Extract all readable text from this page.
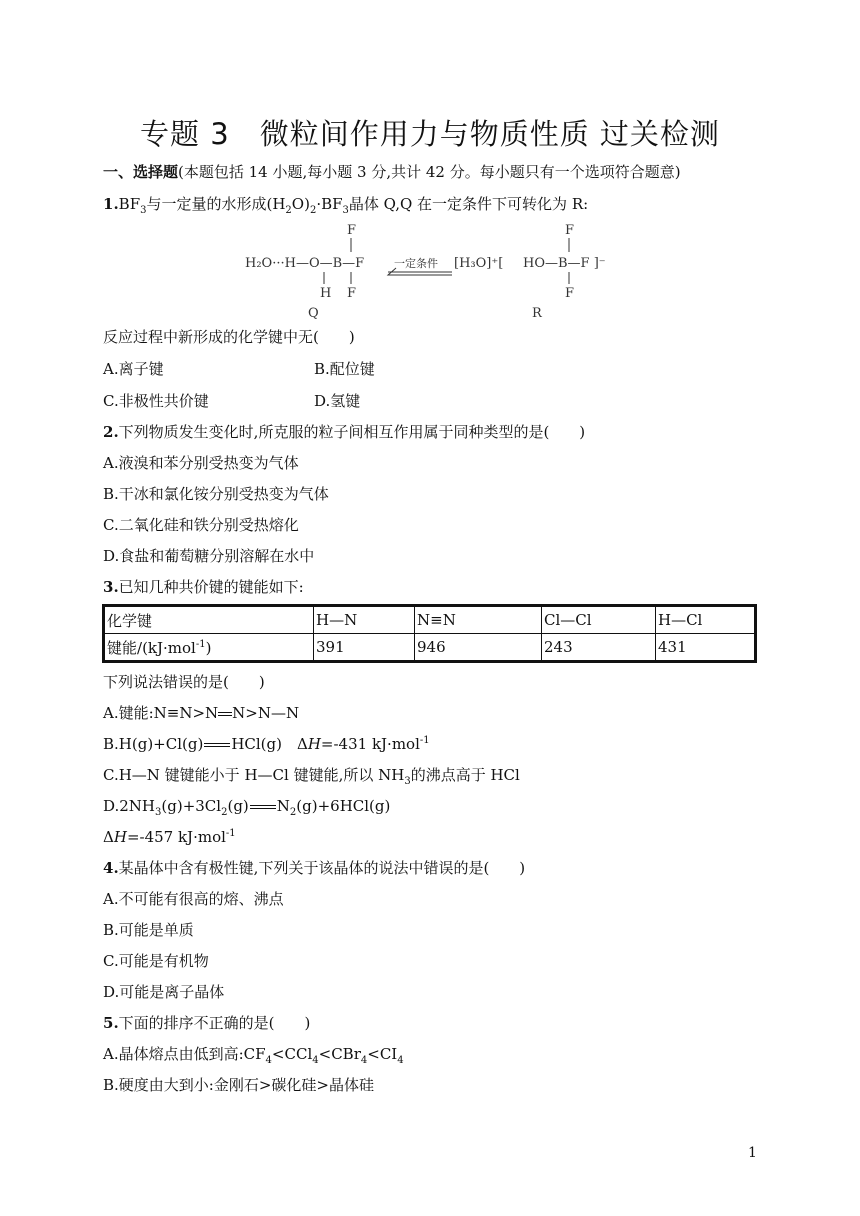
专题 3　微粒间作用力与物质性质 过关检测
一、选择题(本题包括 14 小题,每小题 3 分,共计 42 分。每小题只有一个选项符合题意)
$1.BF_3$与一定量的水形成$(H_2O)_2\cdot BF_3$晶体 Q,Q 在一定条件下可转化为 R:
F
H₂O···H—O—B—F
H F
Q
一定条件 [H₃O]⁺[
F
HO—B—F ]⁻
F
R
反应过程中新形成的化学键中无(　　)
A.离子键	B.配位键
C.非极性共价键	D.氢键
2.下列物质发生变化时,所克服的粒子间相互作用属于同种类型的是(　　)
A.液溴和苯分别受热变为气体
B.干冰和氯化铵分别受热变为气体
C.二氧化硅和铁分别受热熔化
D.食盐和葡萄糖分别溶解在水中
3.已知几种共价键的键能如下:
化学键	H—N	N≡N	Cl—Cl	H—Cl
键能/(kJ·mol$^{-1}$)	391	946	243	431
下列说法错误的是(　　)
A.键能:N≡N>N N>N—N
B.H(g)+Cl(g) HCl(g)　ΔH=-431 kJ·mol$^{-1}$
C.H—N 键键能小于 H—Cl 键键能,所以 $NH_3$的沸点高于 HCl
$D.2NH_3(g)+3Cl_2(g)$ $N_2(g)+6HCl(g)$
ΔH=-457 kJ·mol$^{-1}$
4.某晶体中含有极性键,下列关于该晶体的说法中错误的是(　　)
A.不可能有很高的熔、沸点
B.可能是单质
C.可能是有机物
D.可能是离子晶体
5.下面的排序不正确的是(　　)
A.晶体熔点由低到高$:CF_4<CCl_4<CBr_4<CI_4$
B.硬度由大到小:金刚石>碳化硅>晶体硅
1
